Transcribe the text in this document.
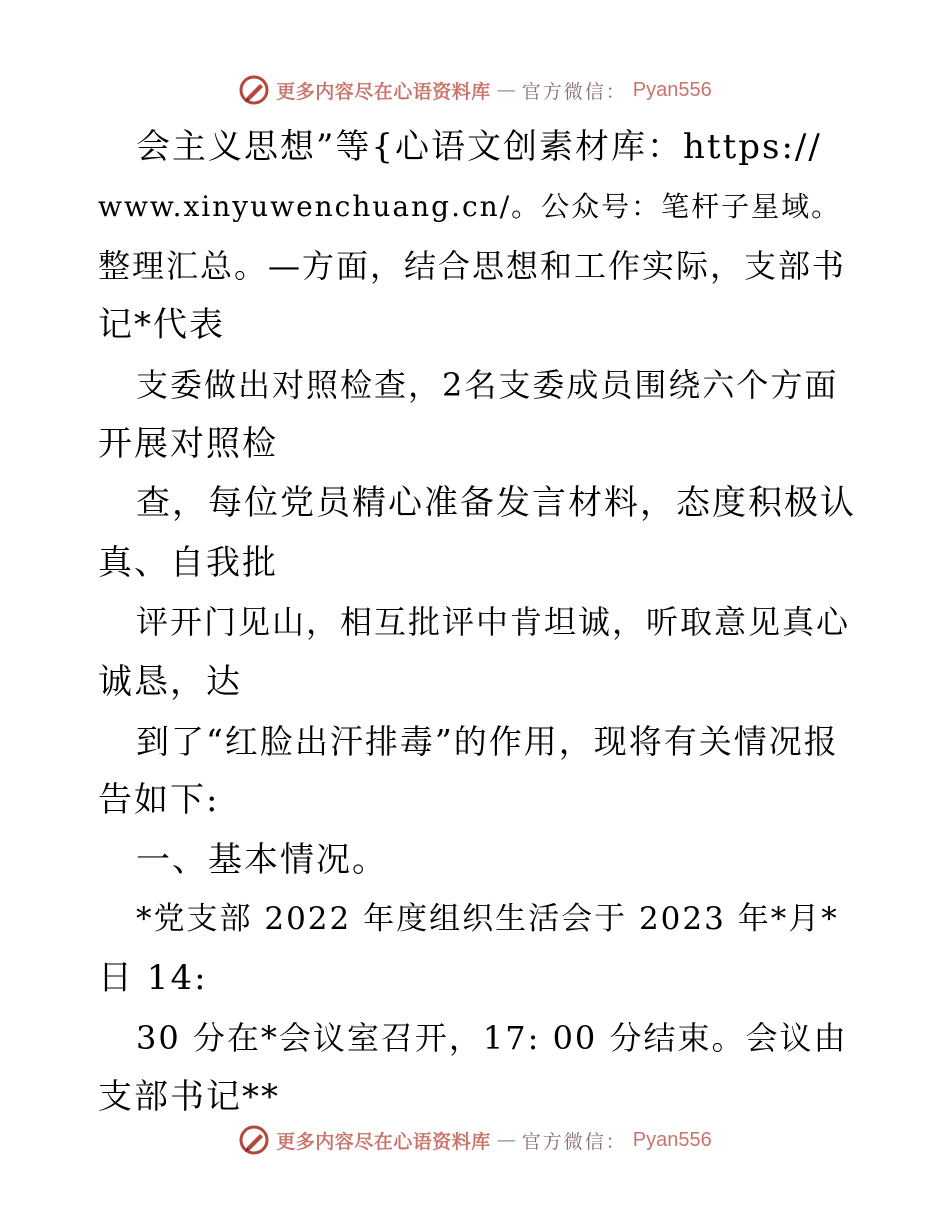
更多内容尽在心语资料库 — 官方微信： Pyan556
会主义思想”等{心语文创素材库：https://
www.xinyuwenchuang.cn/。公众号：笔杆子星域。
整理汇总。—方面，结合思想和工作实际，支部书
记*代表
支委做出对照检查，2名支委成员围绕六个方面
开展对照检
查，每位党员精心准备发言材料，态度积极认
真、自我批
评开门见山，相互批评中肯坦诚，听取意见真心
诚恳，达
到了“红脸出汗排毒”的作用，现将有关情况报
告如下:
一、基本情况。
*党支部 2022 年度组织生活会于 2023 年*月*
日 14:
30 分在*会议室召开，17: 00 分结束。会议由
支部书记**
更多内容尽在心语资料库 — 官方微信： Pyan556
